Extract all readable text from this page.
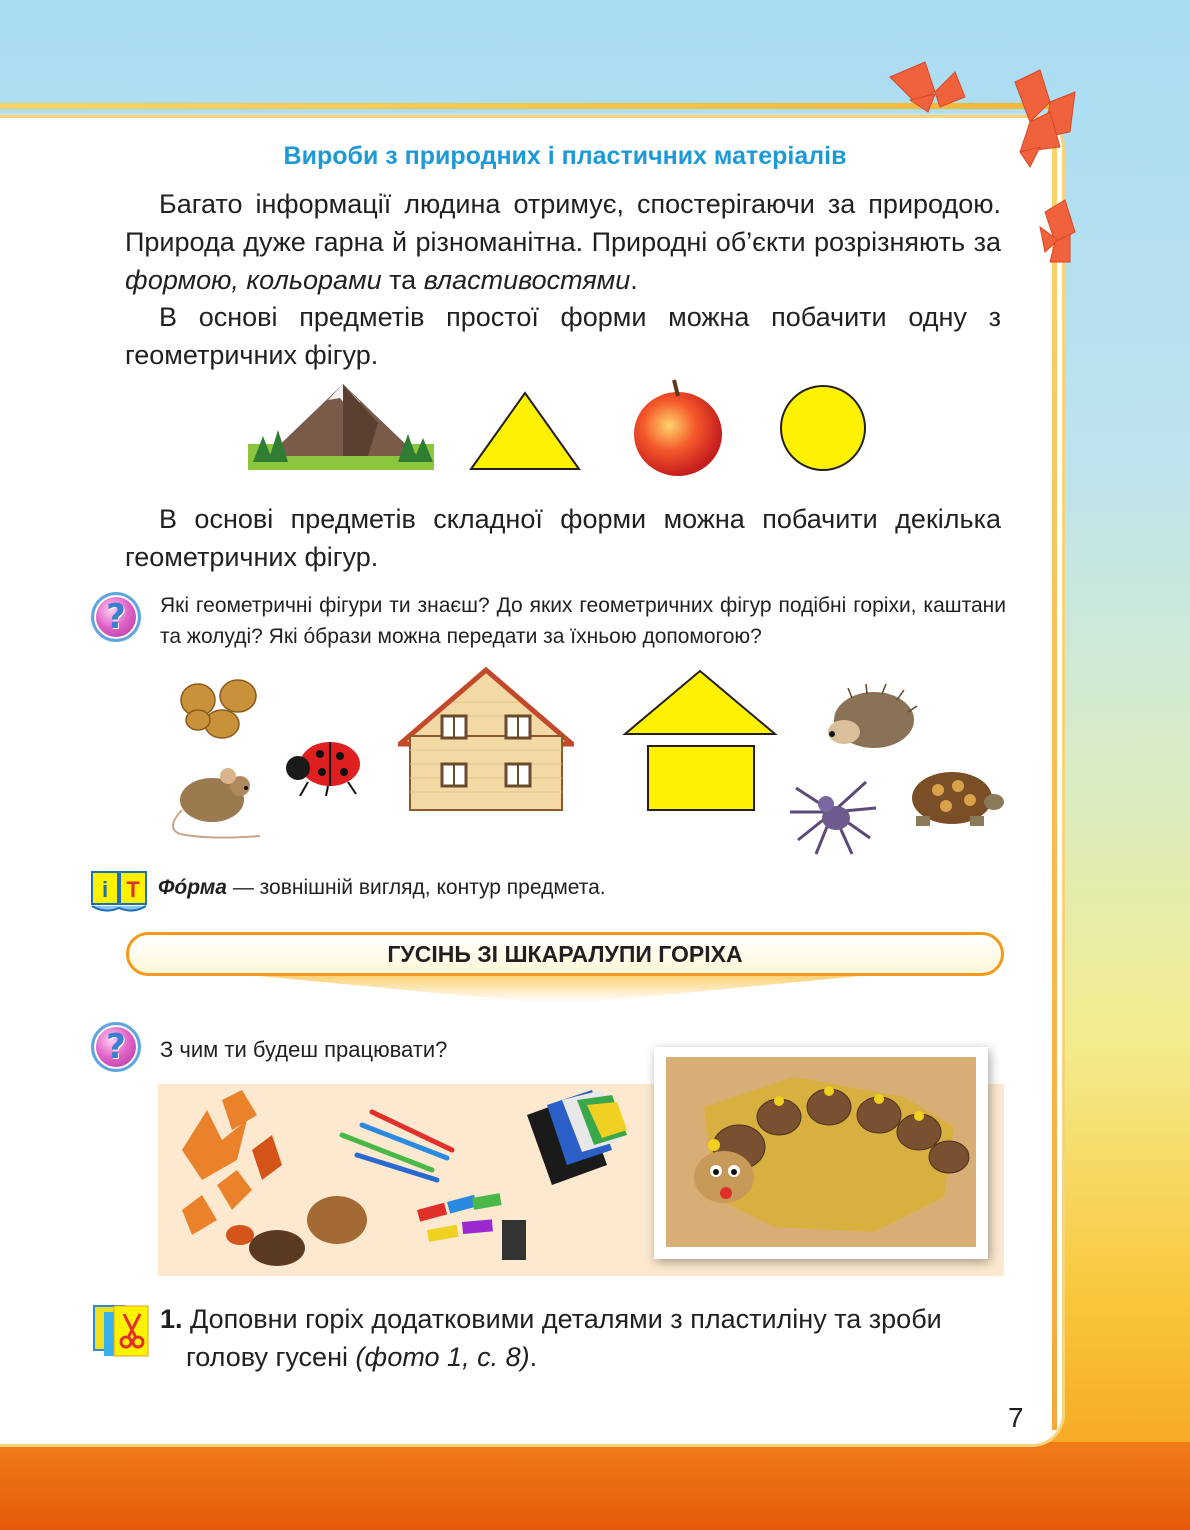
Вироби з природних і пластичних матеріалів
Багато інформації людина отримує, спостерігаючи за природою. Природа дуже гарна й різноманітна. Природні об’єкти розрізняють за формою, кольорами та властивостями.
В основі предметів простої форми можна побачити одну з геометричних фігур.
В основі предметів складної форми можна побачити декілька геометричних фігур.
?	Які геометричні фігури ти знаєш? До яких геометричних фігур подібні горіхи, каштани та жолуді? Які óбрази можна передати за їхньою допомогою?
i T Фóрма — зовнішній вигляд, контур предмета.
ГУСІНЬ ЗІ ШКАРАЛУПИ ГОРІХА
?	З чим ти будеш працювати?
1. Доповни горіх додатковими деталями з пластиліну та зроби
голову гусені (фото 1, с. 8).
7
